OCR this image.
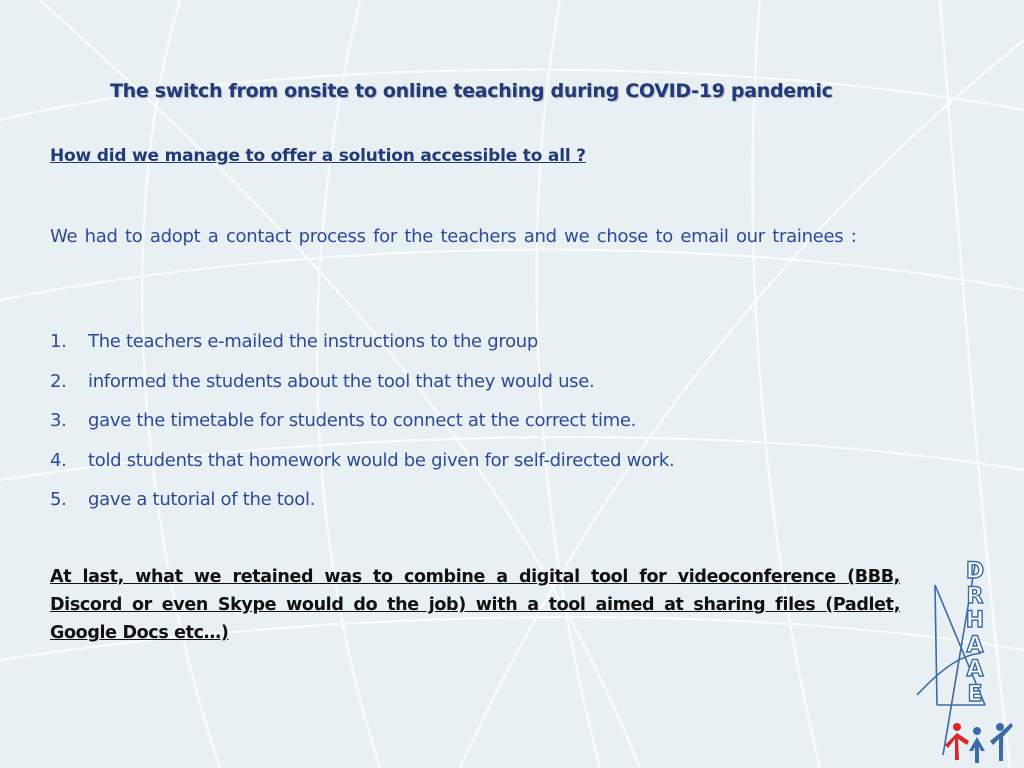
The switch from onsite to online teaching during COVID-19 pandemic
How did we manage to offer a solution accessible to all ?
We had to adopt a contact process for the teachers and we chose to email our trainees :
1. The teachers e-mailed the instructions to the group
2. informed the students about the tool that they would use.
3. gave the timetable for students to connect at the correct time.
4. told students that homework would be given for self-directed work.
5. gave a tutorial of the tool.
At last, what we retained was to combine a digital tool for videoconference (BBB, Discord or even Skype would do the job) with a tool aimed at sharing files (Padlet, Google Docs etc…)
D
R
H
A
A
E
